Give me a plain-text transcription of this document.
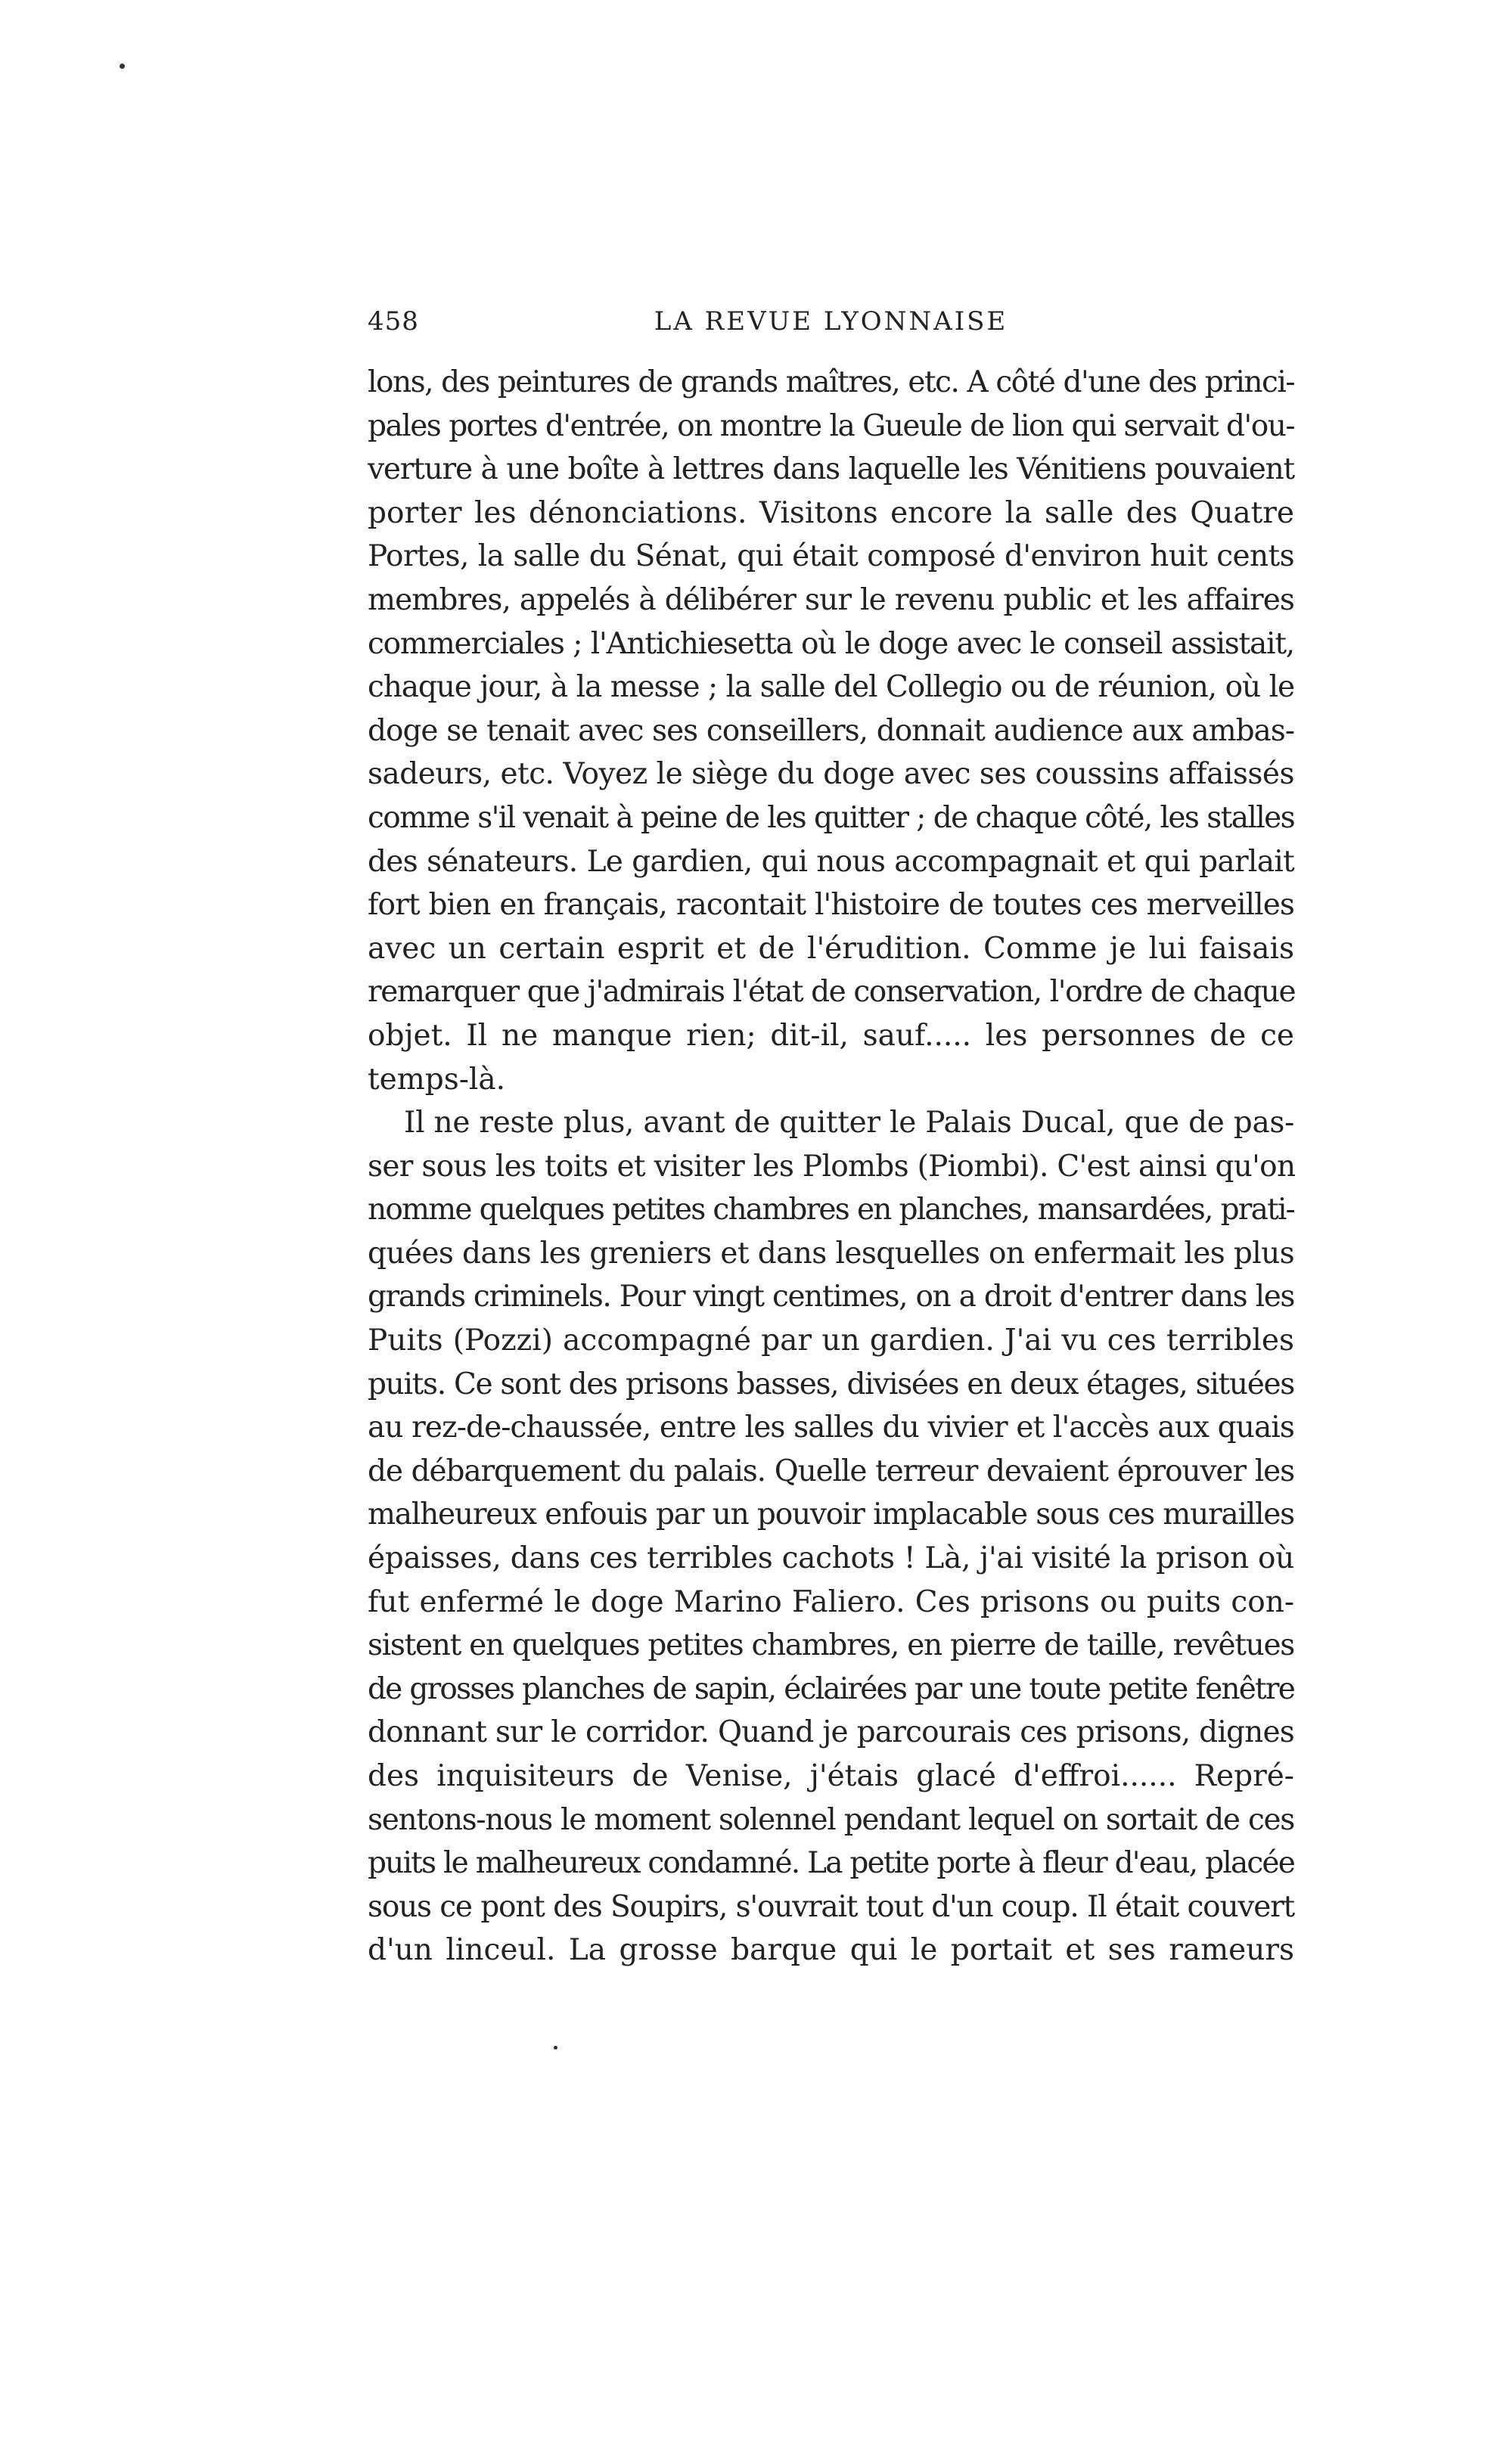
458	LA REVUE LYONNAISE
lons, des peintures de grands maîtres, etc. A côté d'une des princi-
pales portes d'entrée, on montre la Gueule de lion qui servait d'ou-
verture à une boîte à lettres dans laquelle les Vénitiens pouvaient
porter les dénonciations. Visitons encore la salle des Quatre
Portes, la salle du Sénat, qui était composé d'environ huit cents
membres, appelés à délibérer sur le revenu public et les affaires
commerciales ; l'Antichiesetta où le doge avec le conseil assistait,
chaque jour, à la messe ; la salle del Collegio ou de réunion, où le
doge se tenait avec ses conseillers, donnait audience aux ambas-
sadeurs, etc. Voyez le siège du doge avec ses coussins affaissés
comme s'il venait à peine de les quitter ; de chaque côté, les stalles
des sénateurs. Le gardien, qui nous accompagnait et qui parlait
fort bien en français, racontait l'histoire de toutes ces merveilles
avec un certain esprit et de l'érudition. Comme je lui faisais
remarquer que j'admirais l'état de conservation, l'ordre de chaque
objet. Il ne manque rien; dit-il, sauf..... les personnes de ce
temps-là.
Il ne reste plus, avant de quitter le Palais Ducal, que de pas-
ser sous les toits et visiter les Plombs (Piombi). C'est ainsi qu'on
nomme quelques petites chambres en planches, mansardées, prati-
quées dans les greniers et dans lesquelles on enfermait les plus
grands criminels. Pour vingt centimes, on a droit d'entrer dans les
Puits (Pozzi) accompagné par un gardien. J'ai vu ces terribles
puits. Ce sont des prisons basses, divisées en deux étages, situées
au rez-de-chaussée, entre les salles du vivier et l'accès aux quais
de débarquement du palais. Quelle terreur devaient éprouver les
malheureux enfouis par un pouvoir implacable sous ces murailles
épaisses, dans ces terribles cachots ! Là, j'ai visité la prison où
fut enfermé le doge Marino Faliero. Ces prisons ou puits con-
sistent en quelques petites chambres, en pierre de taille, revêtues
de grosses planches de sapin, éclairées par une toute petite fenêtre
donnant sur le corridor. Quand je parcourais ces prisons, dignes
des inquisiteurs de Venise, j'étais glacé d'effroi...... Repré-
sentons-nous le moment solennel pendant lequel on sortait de ces
puits le malheureux condamné. La petite porte à fleur d'eau, placée
sous ce pont des Soupirs, s'ouvrait tout d'un coup. Il était couvert
d'un linceul. La grosse barque qui le portait et ses rameurs
